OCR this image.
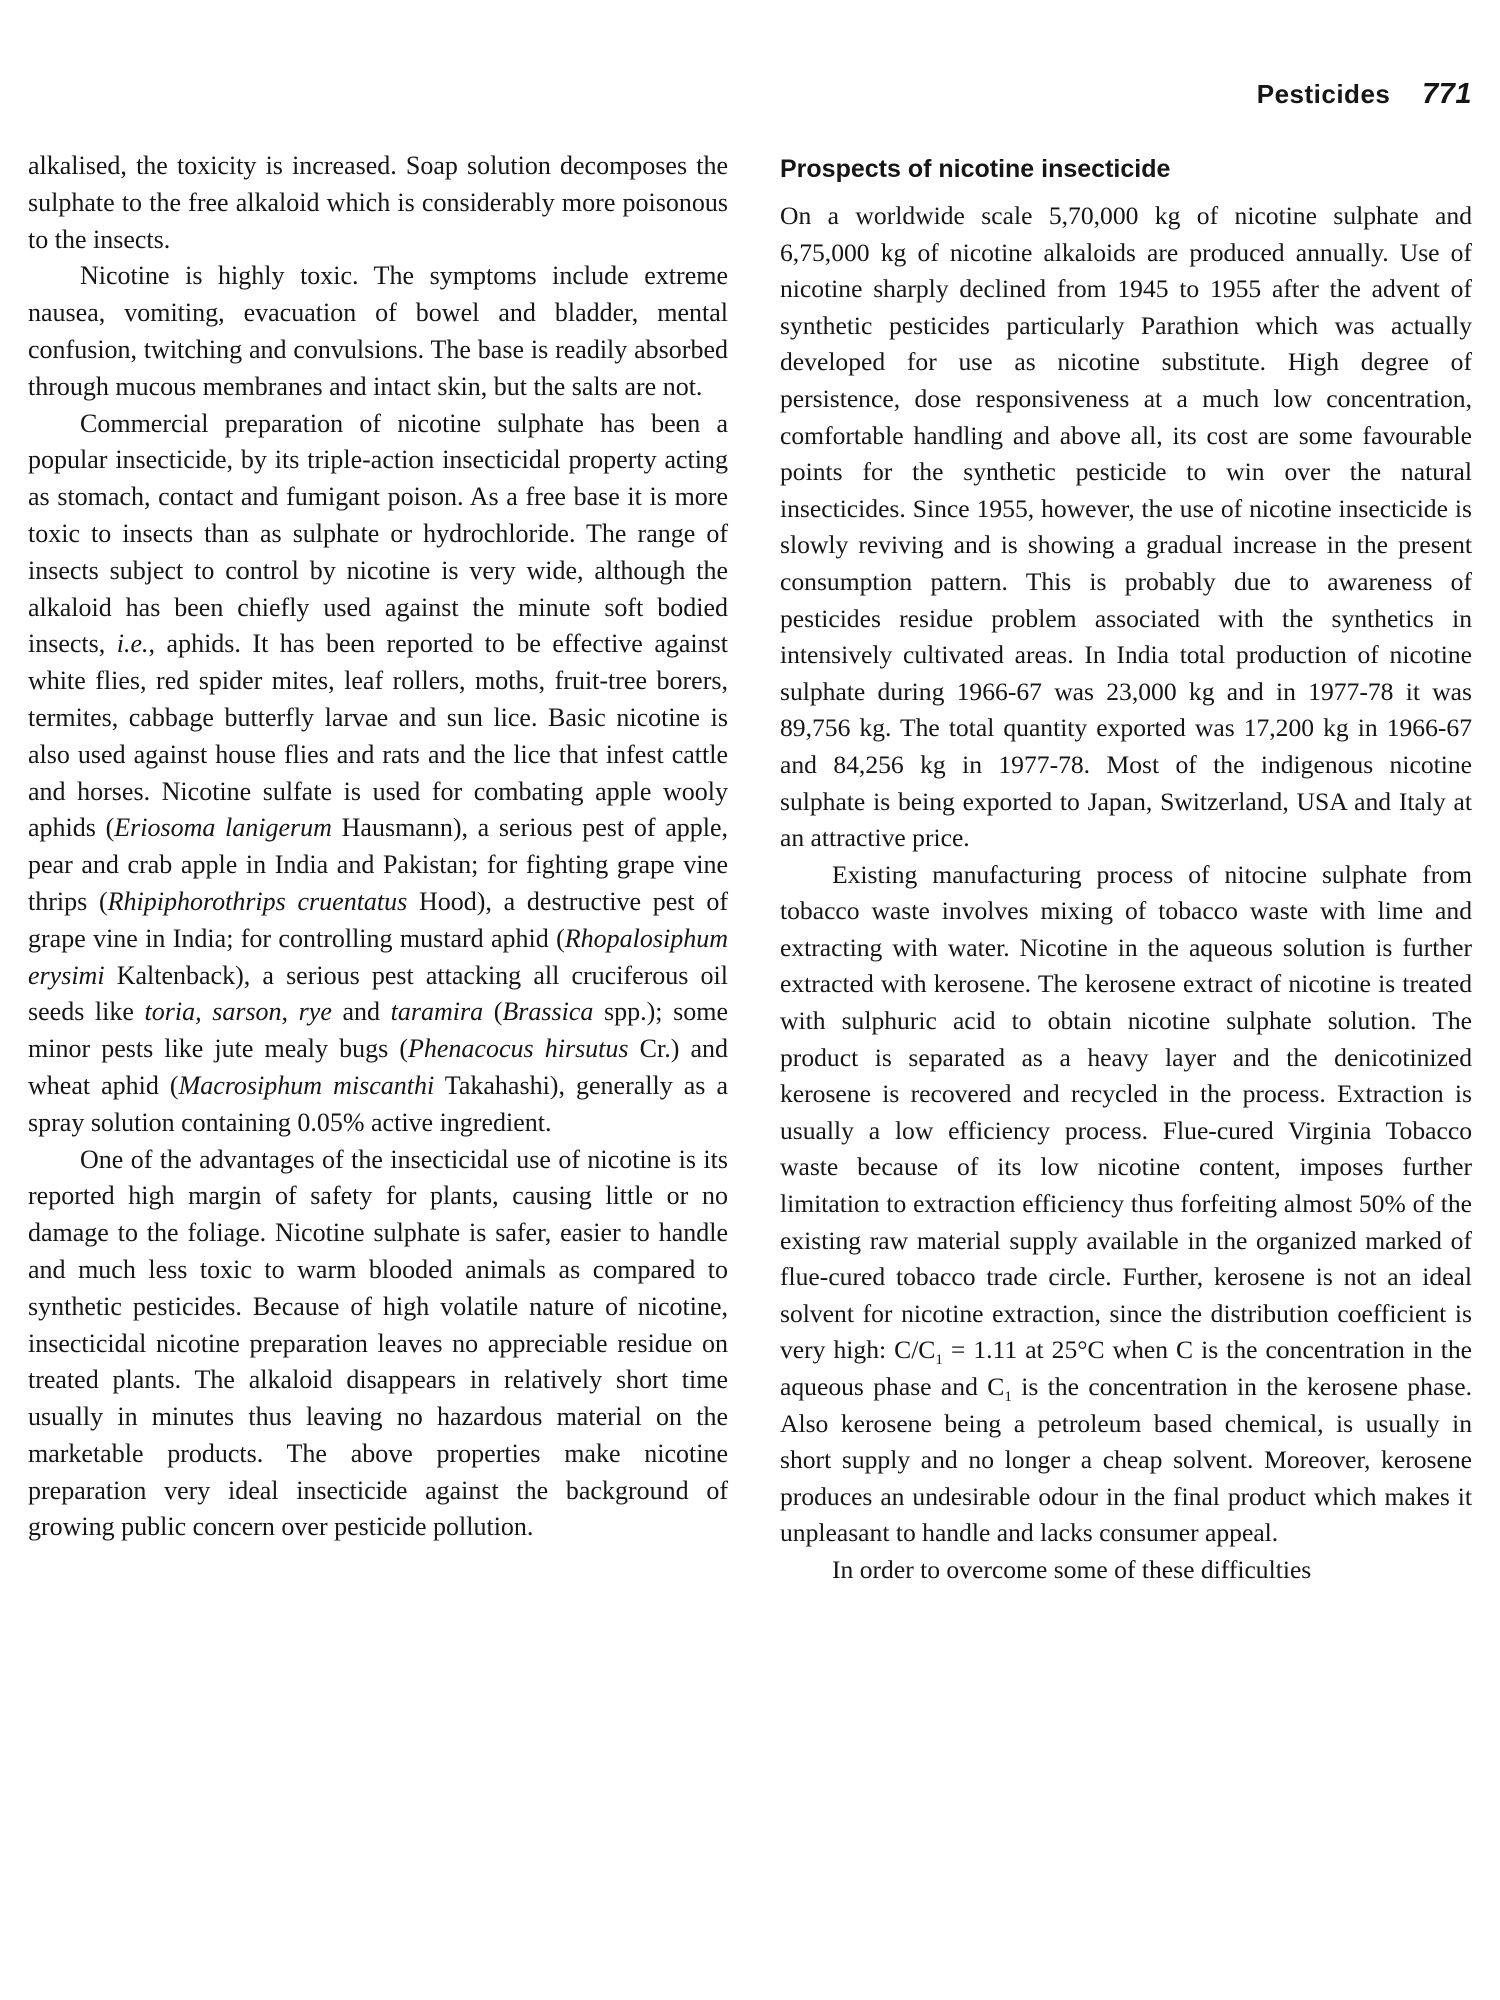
Pesticides 771

alkalised, the toxicity is increased. Soap solution decomposes the sulphate to the free alkaloid which is considerably more poisonous to the insects.

Nicotine is highly toxic. The symptoms include extreme nausea, vomiting, evacuation of bowel and bladder, mental confusion, twitching and convulsions. The base is readily absorbed through mucous membranes and intact skin, but the salts are not.

Commercial preparation of nicotine sulphate has been a popular insecticide, by its triple-action insecticidal property acting as stomach, contact and fumigant poison. As a free base it is more toxic to insects than as sulphate or hydrochloride. The range of insects subject to control by nicotine is very wide, although the alkaloid has been chiefly used against the minute soft bodied insects, i.e., aphids. It has been reported to be effective against white flies, red spider mites, leaf rollers, moths, fruit-tree borers, termites, cabbage butterfly larvae and sun lice. Basic nicotine is also used against house flies and rats and the lice that infest cattle and horses. Nicotine sulfate is used for combating apple wooly aphids (Eriosoma lanigerum Hausmann), a serious pest of apple, pear and crab apple in India and Pakistan; for fighting grape vine thrips (Rhipiphorothrips cruentatus Hood), a destructive pest of grape vine in India; for controlling mustard aphid (Rhopalosiphum erysimi Kaltenback), a serious pest attacking all cruciferous oil seeds like toria, sarson, rye and taramira (Brassica spp.); some minor pests like jute mealy bugs (Phenacocus hirsutus Cr.) and wheat aphid (Macrosiphum miscanthi Takahashi), generally as a spray solution containing 0.05% active ingredient.

One of the advantages of the insecticidal use of nicotine is its reported high margin of safety for plants, causing little or no damage to the foliage. Nicotine sulphate is safer, easier to handle and much less toxic to warm blooded animals as compared to synthetic pesticides. Because of high volatile nature of nicotine, insecticidal nicotine preparation leaves no appreciable residue on treated plants. The alkaloid disappears in relatively short time usually in minutes thus leaving no hazardous material on the marketable products. The above properties make nicotine preparation very ideal insecticide against the background of growing public concern over pesticide pollution.

Prospects of nicotine insecticide

On a worldwide scale 5,70,000 kg of nicotine sulphate and 6,75,000 kg of nicotine alkaloids are produced annually. Use of nicotine sharply declined from 1945 to 1955 after the advent of synthetic pesticides particularly Parathion which was actually developed for use as nicotine substitute. High degree of persistence, dose responsiveness at a much low concentration, comfortable handling and above all, its cost are some favourable points for the synthetic pesticide to win over the natural insecticides. Since 1955, however, the use of nicotine insecticide is slowly reviving and is showing a gradual increase in the present consumption pattern. This is probably due to awareness of pesticides residue problem associated with the synthetics in intensively cultivated areas. In India total production of nicotine sulphate during 1966-67 was 23,000 kg and in 1977-78 it was 89,756 kg. The total quantity exported was 17,200 kg in 1966-67 and 84,256 kg in 1977-78. Most of the indigenous nicotine sulphate is being exported to Japan, Switzerland, USA and Italy at an attractive price.

Existing manufacturing process of nitocine sulphate from tobacco waste involves mixing of tobacco waste with lime and extracting with water. Nicotine in the aqueous solution is further extracted with kerosene. The kerosene extract of nicotine is treated with sulphuric acid to obtain nicotine sulphate solution. The product is separated as a heavy layer and the denicotinized kerosene is recovered and recycled in the process. Extraction is usually a low efficiency process. Flue-cured Virginia Tobacco waste because of its low nicotine content, imposes further limitation to extraction efficiency thus forfeiting almost 50% of the existing raw material supply available in the organized marked of flue-cured tobacco trade circle. Further, kerosene is not an ideal solvent for nicotine extraction, since the distribution coefficient is very high: $C/C_1 = 1.11$ at 25°C when C is the concentration in the aqueous phase and $C_1$ is the concentration in the kerosene phase. Also kerosene being a petroleum based chemical, is usually in short supply and no longer a cheap solvent. Moreover, kerosene produces an undesirable odour in the final product which makes it unpleasant to handle and lacks consumer appeal.

In order to overcome some of these difficulties
